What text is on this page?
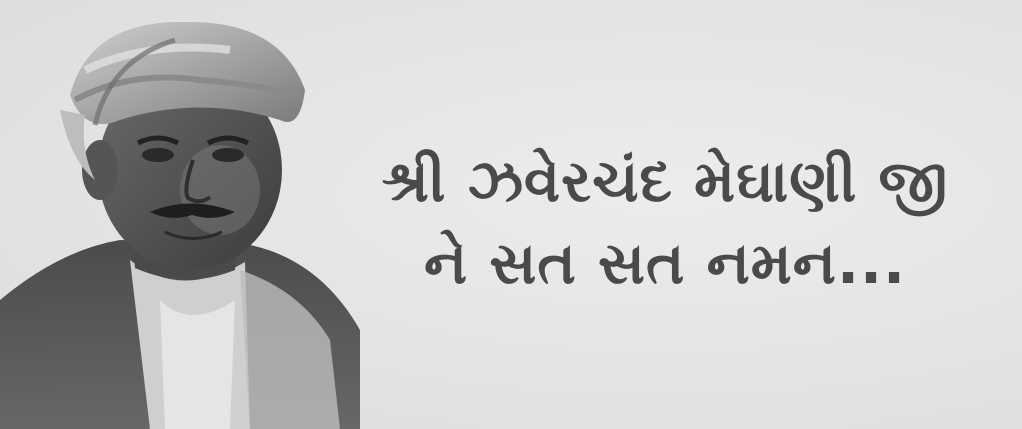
શ્રી ઝવેરચંદ મેઘાણી જી
ને સત સત નમન...
